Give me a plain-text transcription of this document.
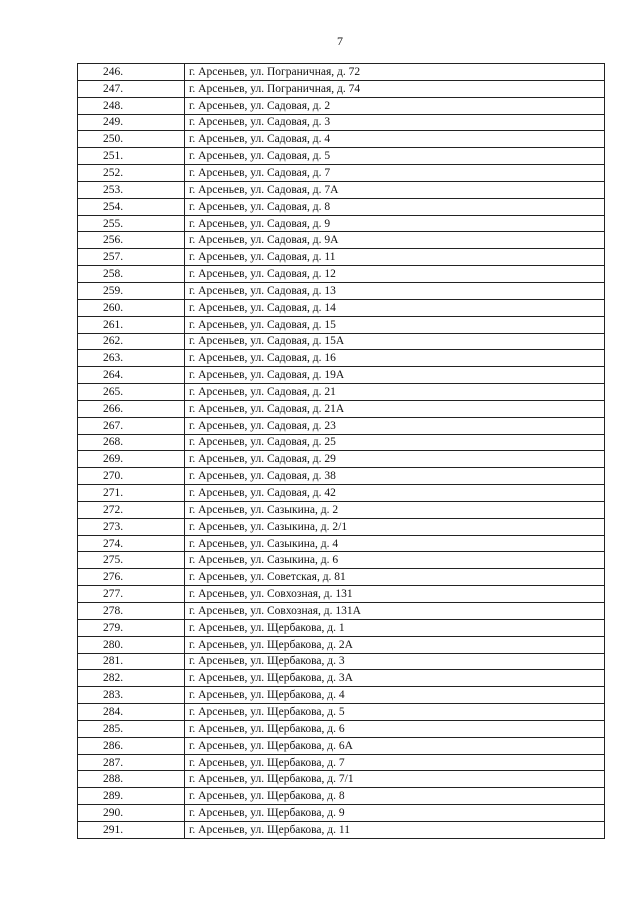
7
246.	г. Арсеньев, ул. Пограничная, д. 72
247.	г. Арсеньев, ул. Пограничная, д. 74
248.	г. Арсеньев, ул. Садовая, д. 2
249.	г. Арсеньев, ул. Садовая, д. 3
250.	г. Арсеньев, ул. Садовая, д. 4
251.	г. Арсеньев, ул. Садовая, д. 5
252.	г. Арсеньев, ул. Садовая, д. 7
253.	г. Арсеньев, ул. Садовая, д. 7А
254.	г. Арсеньев, ул. Садовая, д. 8
255.	г. Арсеньев, ул. Садовая, д. 9
256.	г. Арсеньев, ул. Садовая, д. 9А
257.	г. Арсеньев, ул. Садовая, д. 11
258.	г. Арсеньев, ул. Садовая, д. 12
259.	г. Арсеньев, ул. Садовая, д. 13
260.	г. Арсеньев, ул. Садовая, д. 14
261.	г. Арсеньев, ул. Садовая, д. 15
262.	г. Арсеньев, ул. Садовая, д. 15А
263.	г. Арсеньев, ул. Садовая, д. 16
264.	г. Арсеньев, ул. Садовая, д. 19А
265.	г. Арсеньев, ул. Садовая, д. 21
266.	г. Арсеньев, ул. Садовая, д. 21А
267.	г. Арсеньев, ул. Садовая, д. 23
268.	г. Арсеньев, ул. Садовая, д. 25
269.	г. Арсеньев, ул. Садовая, д. 29
270.	г. Арсеньев, ул. Садовая, д. 38
271.	г. Арсеньев, ул. Садовая, д. 42
272.	г. Арсеньев, ул. Сазыкина, д. 2
273.	г. Арсеньев, ул. Сазыкина, д. 2/1
274.	г. Арсеньев, ул. Сазыкина, д. 4
275.	г. Арсеньев, ул. Сазыкина, д. 6
276.	г. Арсеньев, ул. Советская, д. 81
277.	г. Арсеньев, ул. Совхозная, д. 131
278.	г. Арсеньев, ул. Совхозная, д. 131А
279.	г. Арсеньев, ул. Щербакова, д. 1
280.	г. Арсеньев, ул. Щербакова, д. 2А
281.	г. Арсеньев, ул. Щербакова, д. 3
282.	г. Арсеньев, ул. Щербакова, д. 3А
283.	г. Арсеньев, ул. Щербакова, д. 4
284.	г. Арсеньев, ул. Щербакова, д. 5
285.	г. Арсеньев, ул. Щербакова, д. 6
286.	г. Арсеньев, ул. Щербакова, д. 6А
287.	г. Арсеньев, ул. Щербакова, д. 7
288.	г. Арсеньев, ул. Щербакова, д. 7/1
289.	г. Арсеньев, ул. Щербакова, д. 8
290.	г. Арсеньев, ул. Щербакова, д. 9
291.	г. Арсеньев, ул. Щербакова, д. 11
